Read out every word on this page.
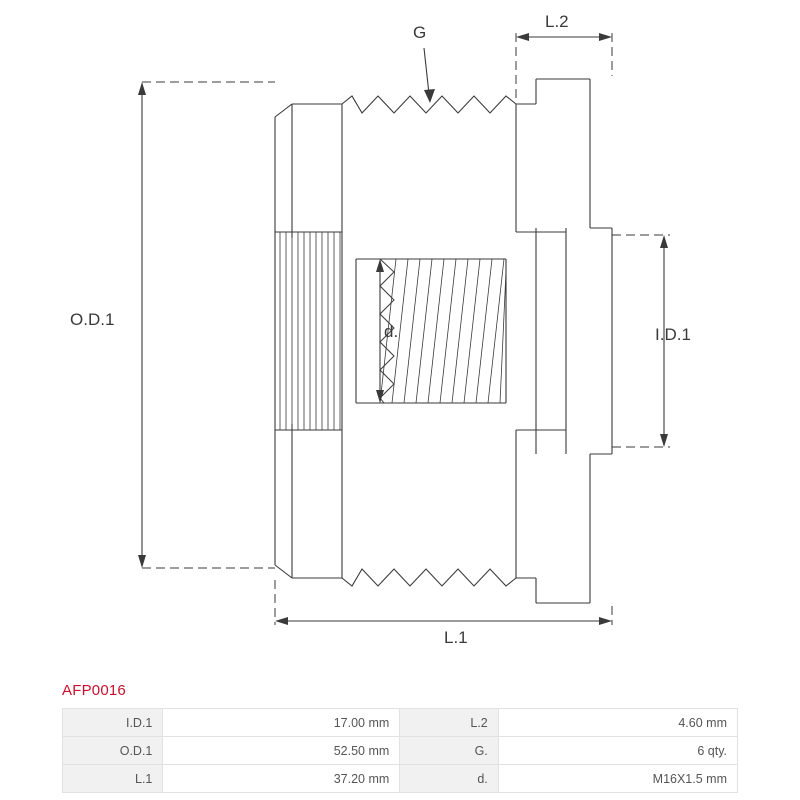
O.D.1
I.D.1
L.1
L.2
d.
G
AFP0016
I.D.1	17.00 mm	L.2	4.60 mm
O.D.1	52.50 mm	G.	6 qty.
L.1	37.20 mm	d.	M16X1.5 mm
